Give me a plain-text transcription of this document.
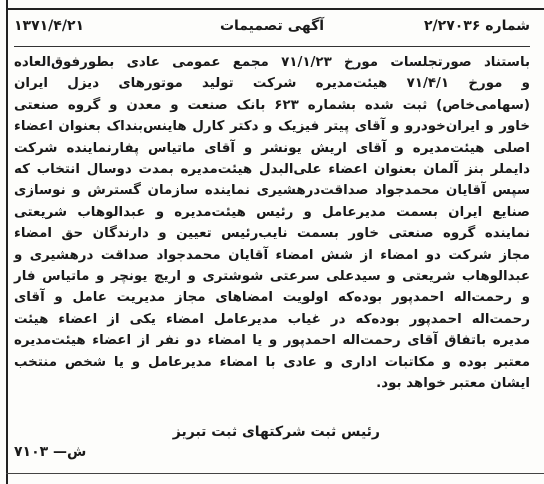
شماره ۲/۲۷۰۳۶
آگهی تصمیمات
۱۳۷۱/۴/۲۱
باستناد صورتجلسات مورخ ۷۱/۱/۲۳ مجمع عمومی عادی بطورفوق‌العاده
و مورخ ۷۱/۴/۱ هیئت‌مدیره شرکت تولید موتورهای دیزل ایران
(سهامی‌خاص) ثبت شده بشماره ۶۲۳ بانک صنعت و معدن و گروه صنعتی
خاور و ایران‌خودرو و آقای پیتر فیزیک و دکتر کارل هاینس‌بنداک بعنوان اعضاء
اصلی هیئت‌مدیره و آقای اریش یونشر و آقای ماتیاس پفارنماینده شرکت
دایملر بنز آلمان بعنوان اعضاء علی‌البدل هیئت‌مدیره بمدت دوسال انتخاب که
سپس آقایان محمدجواد صداقت‌درهشیری نماینده سازمان گسترش و نوسازی
صنایع ایران بسمت مدیرعامل و رئیس هیئت‌مدیره و عبدالوهاب شریعتی
نماینده گروه صنعتی خاور بسمت نایب‌رئیس تعیین و دارندگان حق امضاء
مجاز شرکت دو امضاء از شش امضاء آقایان محمدجواد صداقت درهشیری و
عبدالوهاب شریعتی و سیدعلی سرعتی شوشتری و اریچ یونچر و ماتیاس فار
و رحمت‌اله احمدپور بوده‌که اولویت امضاهای مجاز مدیریت عامل و آقای
رحمت‌اله احمدپور بوده‌که در غیاب مدیرعامل امضاء یکی از اعضاء هیئت
مدیره باتفاق آقای رحمت‌اله احمدپور و یا امضاء دو نفر از اعضاء هیئت‌مدیره
معتبر بوده و مکاتبات اداری و عادی با امضاء مدیرعامل و یا شخص منتخب
ایشان معتبر خواهد بود.
رئیس ثبت شرکتهای ثبت تبریز
ش— ۷۱۰۳
